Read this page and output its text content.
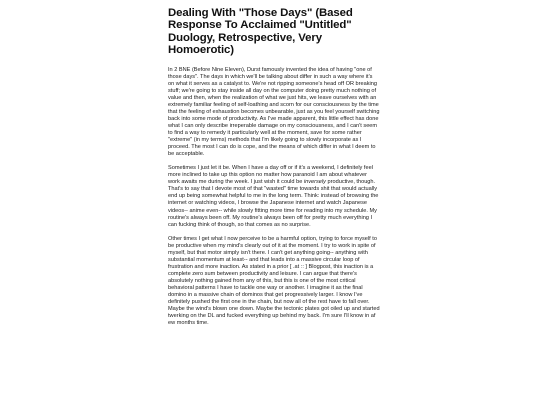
Dealing With "Those Days" (Based Response To Acclaimed "Untitled" Duology, Retrospective, Very Homoerotic)

In 2 BNE (Before Nine Eleven), Durst famously invented the idea of having "one of those days". The days in which we'll be talking about differ in such a way where it's on what it serves as a catalyst to. We're not ripping someone's head off OR breaking stuff; we're going to stay inside all day on the computer doing pretty much nothing of value and then, when the realization of what we just hits, we leave ourselves with an extremely familiar feeling of self-loathing and scorn for our consciousness by the time that the feeling of exhaustion becomes unbearable, just as you feel yourself switching back into some mode of productivity. As I've made apparent, this little effect has done what I can only describe irreperable damage on my consciousness, and I can't seem to find a way to remedy it particularly well at the moment, save for some rather "extreme" (in my terms) methods that I'm likely going to slowly incorporate as I proceed. The most I can do is cope, and the means of which differ in what I deem to be acceptable.

Sometimes I just let it be. When I have a day off or if it's a weekend, I definitely feel more inclined to take up this option no matter how paranoid I am about whatever work awaits me during the week. I just wish it could be inversely productive, though. That's to say that I devote most of that "wasted" time towards shit that would actually end up being somewhat helpful to me in the long term. Think: instead of browsing the internet or watching videos, I browse the Japanese internet and watch Japanese videos-- anime even-- while slowly fitting more time for reading into my schedule. My routine's always been off. My routine's always been off for pretty much everything I can fucking think of though, so that comes as no surprise.

Other times I get what I now perceive to be a harmful option, trying to force myself to be productive when my mind's clearly out of it at the moment. I try to work in spite of myself, but that motor simply isn't there. I can't get anything going-- anything with substantial momentum at least-- and that leads into a massive circular loop of frustration and more inaction. As stated in a prior [ .at :: ] Blogpost, this inaction is a complete zero sum between productivity and leisure. I can argue that there's absolutely nothing gained from any of this, but this is one of the most critical behavioral patterns I have to tackle one way or another. I imagine it as the final domino in a massive chain of dominos that get progressively larger. I know I've definitely pushed the first one in the chain, but now all of the rest have to fall over. Maybe the wind's blown one down. Maybe the tectonic plates got oiled up and started twerking on the DL and fucked everything up behind my back. I'm sure I'll know in af ew months time.
